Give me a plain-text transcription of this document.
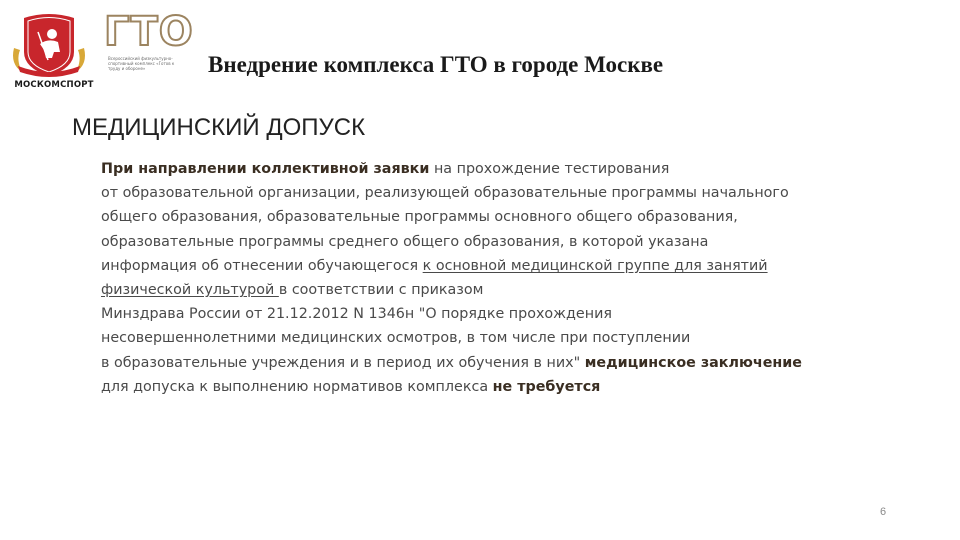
МОСКОМСПОРТ
ГТО
Всероссийский физкультурно-спортивный комплекс «Готов к труду и обороне»	Внедрение комплекса ГТО в городе Москве
МЕДИЦИНСКИЙ ДОПУСК
При направлении коллективной заявки на прохождение тестирования
от образовательной организации, реализующей образовательные программы начального
общего образования, образовательные программы основного общего образования,
образовательные программы среднего общего образования, в которой указана
информация об отнесении обучающегося к основной медицинской группе для занятий
физической культурой в соответствии с приказом
Минздрава России от 21.12.2012 N 1346н "О порядке прохождения
несовершеннолетними медицинских осмотров, в том числе при поступлении
в образовательные учреждения и в период их обучения в них" медицинское заключение
для допуска к выполнению нормативов комплекса не требуется
6
